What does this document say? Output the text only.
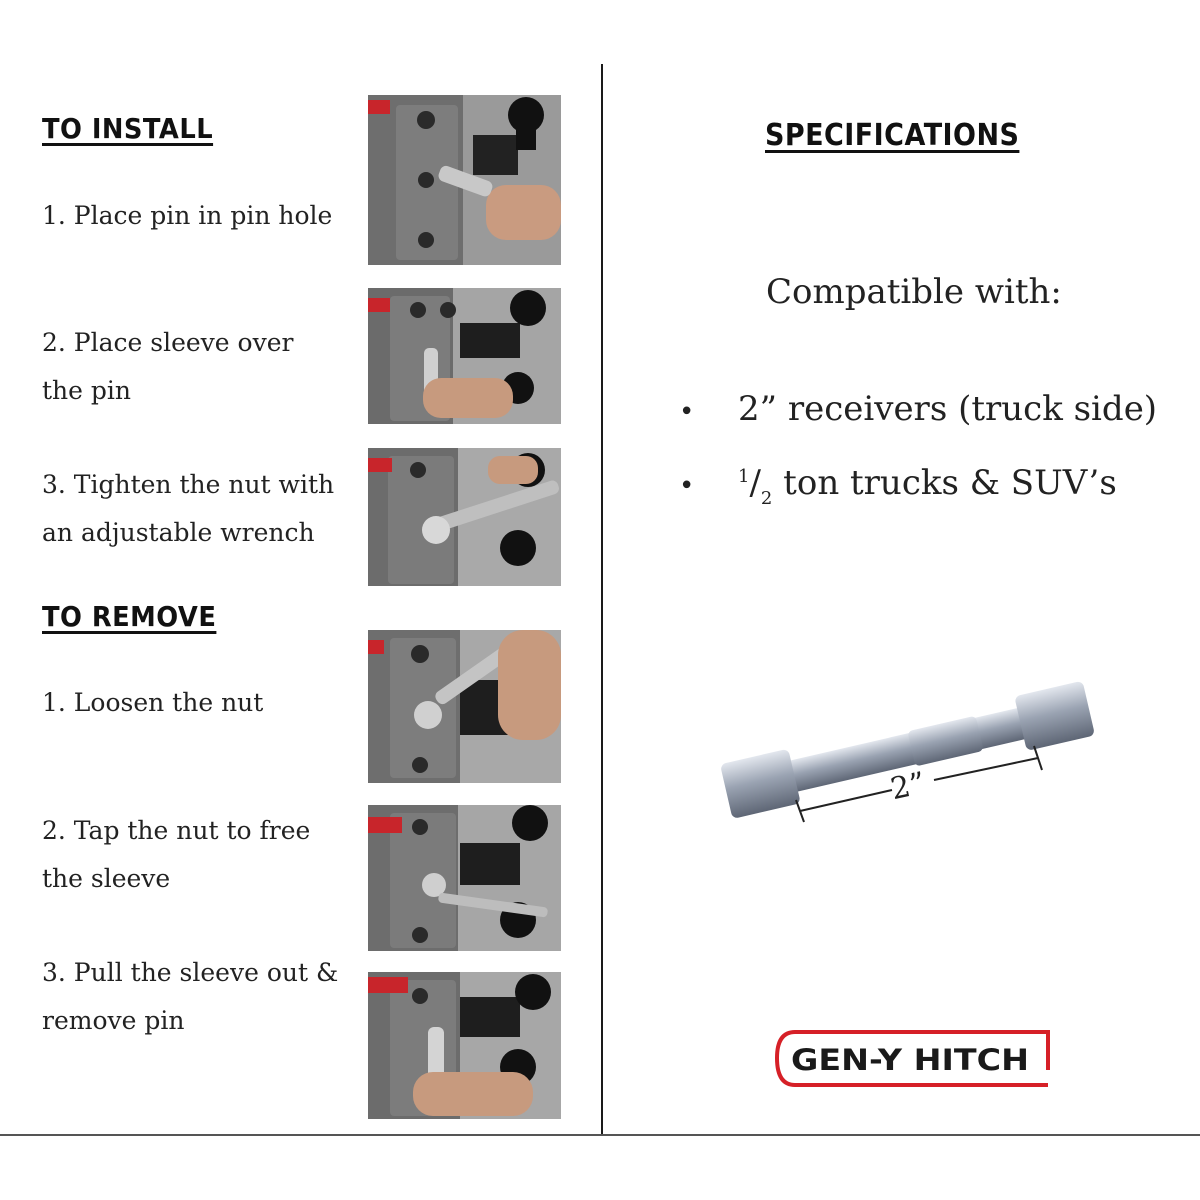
TO INSTALL
1. Place pin in pin hole
2. Place sleeve over
the pin
3. Tighten the nut with
an adjustable wrench
TO REMOVE
1. Loosen the nut
2. Tap the nut to free
the sleeve
3. Pull the sleeve out &
remove pin
SPECIFICATIONS
Compatible with:
• 2” receivers (truck side)
• $^1/_2$ ton trucks & SUV’s
2”
GEN-Y HITCH
